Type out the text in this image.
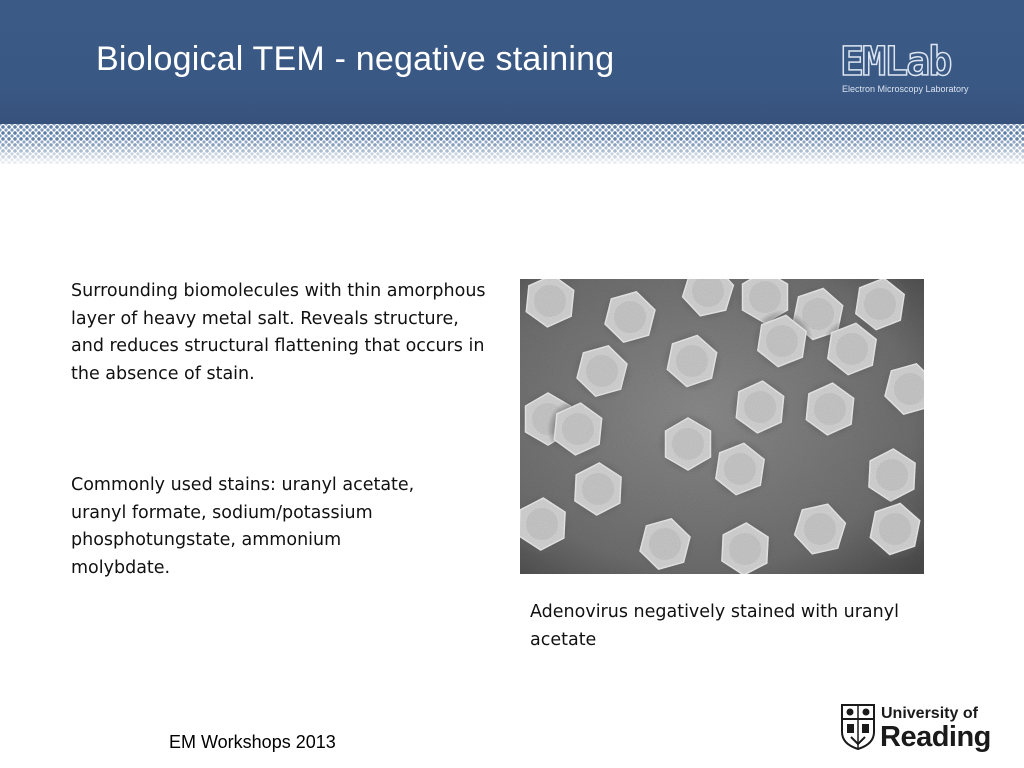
Biological TEM - negative staining	EMLab
Electron Microscopy Laboratory

Surrounding biomolecules with thin amorphous layer of heavy metal salt. Reveals structure, and reduces structural flattening that occurs in the absence of stain.

Commonly used stains: uranyl acetate, uranyl formate, sodium/potassium phosphotungstate, ammonium molybdate.

Adenovirus negatively stained with uranyl acetate

EM Workshops 2013

University of
Reading
